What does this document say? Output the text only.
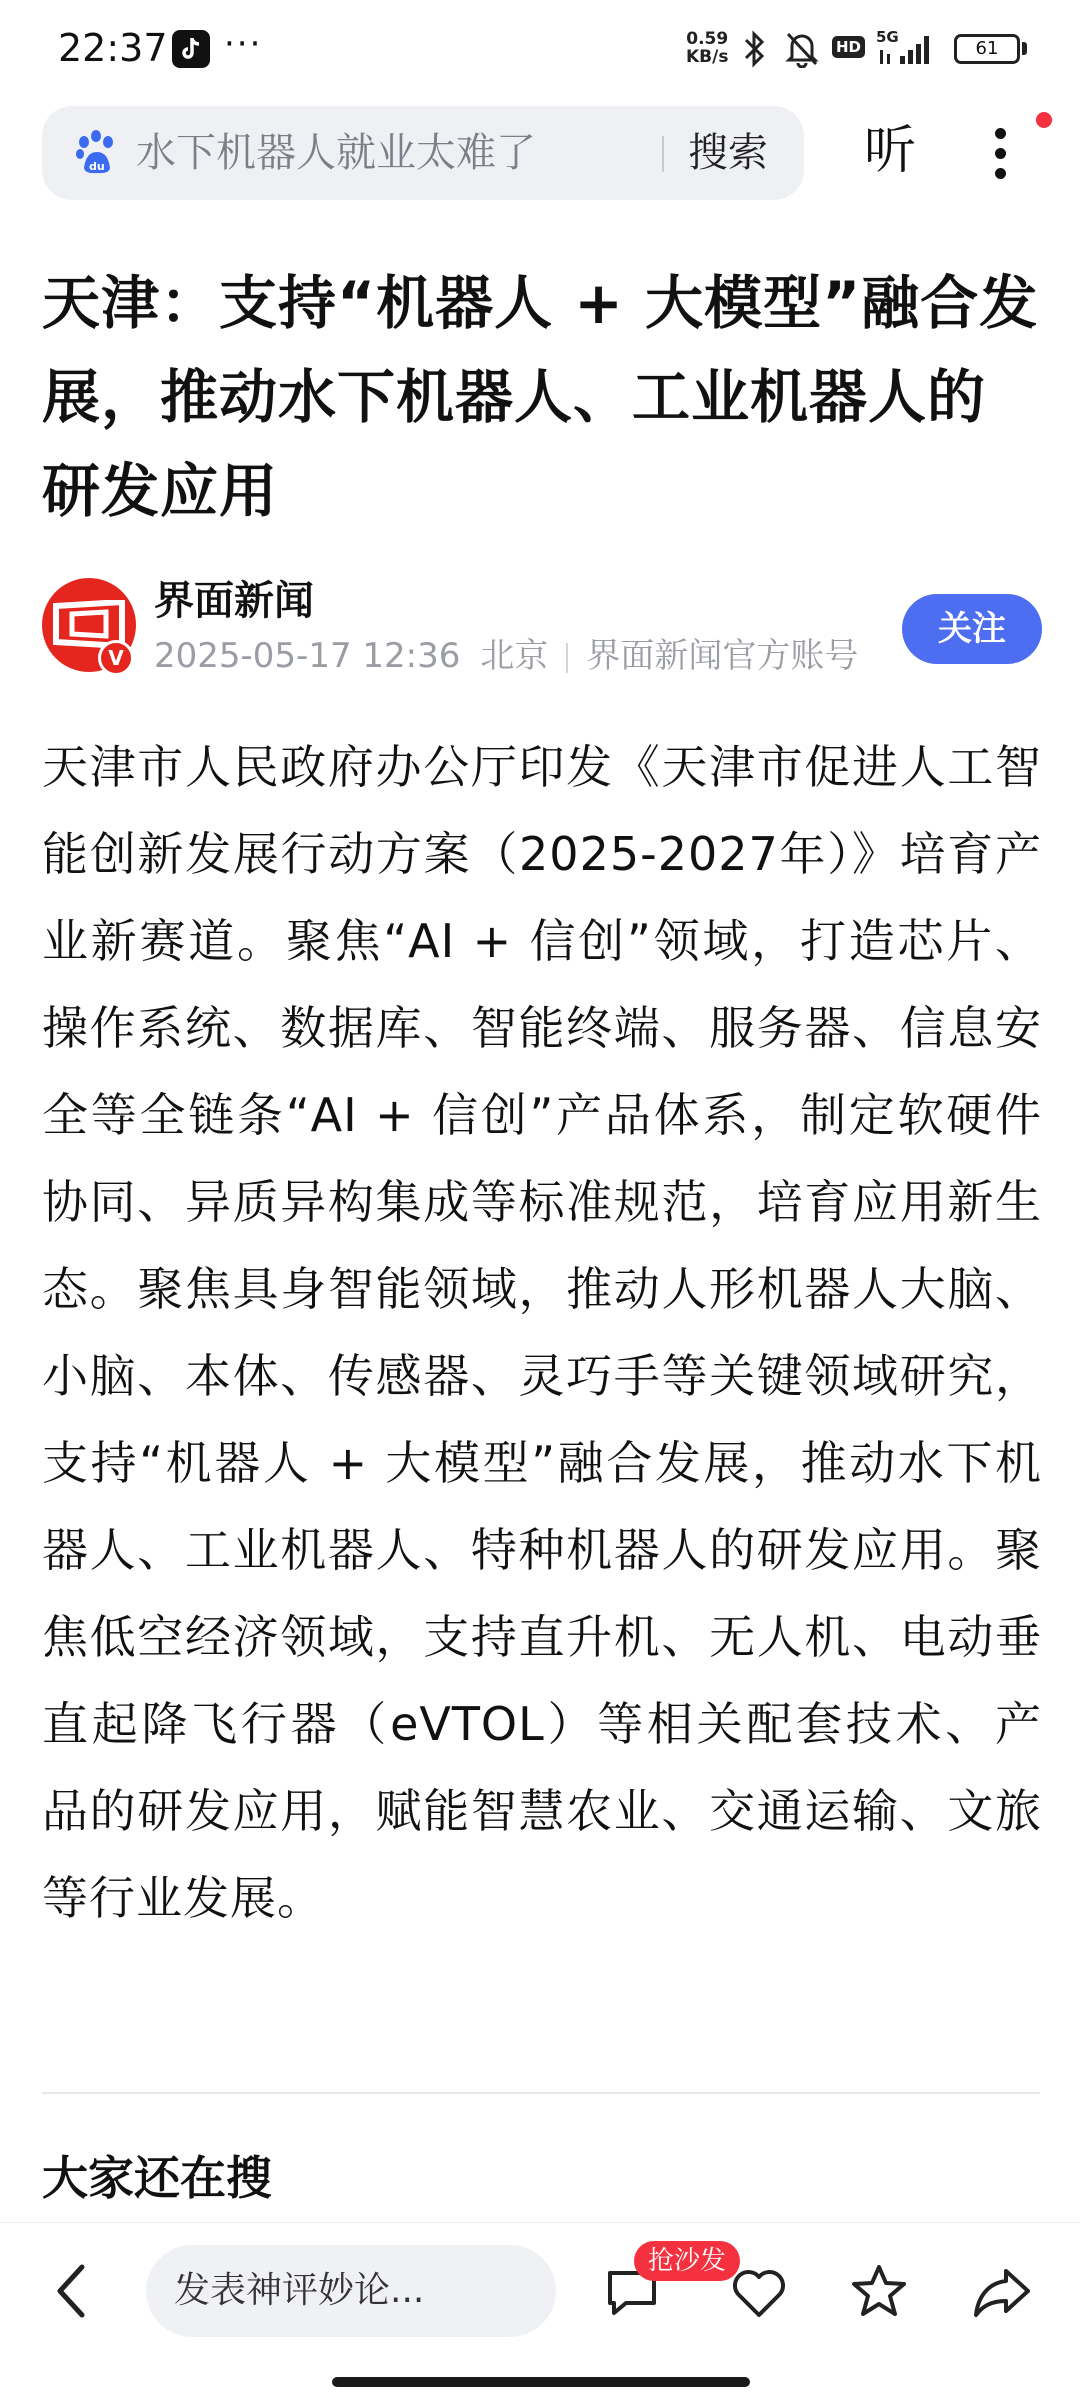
22:37 ···	0.59
KB/s	HD
5G
61
du 水下机器人就业太难了	搜索 听
天津：支持“机器人 + 大模型”融合发展，推动水下机器人、工业机器人的研发应用
V
界面新闻
2025-05-17 12:36 北京 界面新闻官方账号
关注
天津市人民政府办公厅印发《天津市促进人工智能创新发展行动方案（2025-2027年）》培育产业新赛道。聚焦“AI + 信创”领域，打造芯片、操作系统、数据库、智能终端、服务器、信息安全等全链条“AI + 信创”产品体系，制定软硬件协同、异质异构集成等标准规范，培育应用新生态。聚焦具身智能领域，推动人形机器人大脑、小脑、本体、传感器、灵巧手等关键领域研究，支持“机器人 + 大模型”融合发展，推动水下机器人、工业机器人、特种机器人的研发应用。聚焦低空经济领域，支持直升机、无人机、电动垂直起降飞行器（eVTOL）等相关配套技术、产品的研发应用，赋能智慧农业、交通运输、文旅等行业发展。
大家还在搜
发表神评妙论...
抢沙发
